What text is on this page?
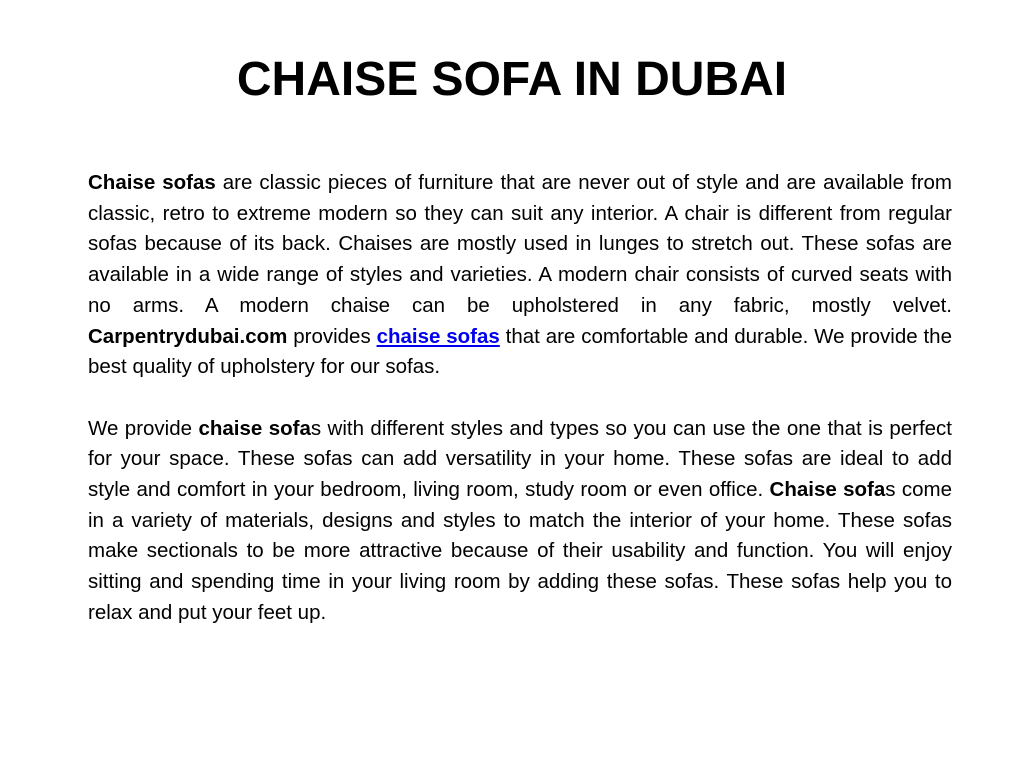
CHAISE SOFA IN DUBAI

Chaise sofas are classic pieces of furniture that are never out of style and are available from classic, retro to extreme modern so they can suit any interior. A chair is different from regular sofas because of its back. Chaises are mostly used in lunges to stretch out. These sofas are available in a wide range of styles and varieties. A modern chair consists of curved seats with no arms. A modern chaise can be upholstered in any fabric, mostly velvet. Carpentrydubai.com provides chaise sofas that are comfortable and durable. We provide the best quality of upholstery for our sofas.

We provide chaise sofas with different styles and types so you can use the one that is perfect for your space. These sofas can add versatility in your home. These sofas are ideal to add style and comfort in your bedroom, living room, study room or even office. Chaise sofas come in a variety of materials, designs and styles to match the interior of your home. These sofas make sectionals to be more attractive because of their usability and function. You will enjoy sitting and spending time in your living room by adding these sofas. These sofas help you to relax and put your feet up.
